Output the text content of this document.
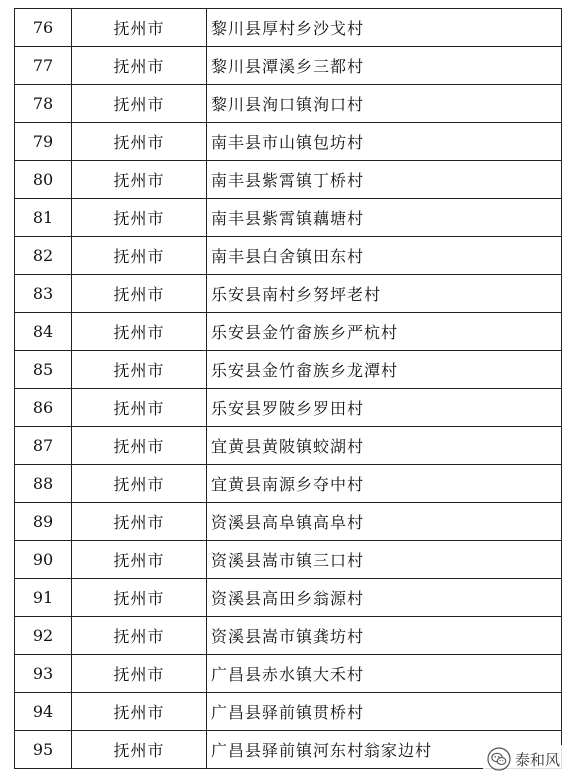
76	抚州市	黎川县厚村乡沙戈村
77	抚州市	黎川县潭溪乡三都村
78	抚州市	黎川县洵口镇洵口村
79	抚州市	南丰县市山镇包坊村
80	抚州市	南丰县紫霄镇丁桥村
81	抚州市	南丰县紫霄镇藕塘村
82	抚州市	南丰县白舍镇田东村
83	抚州市	乐安县南村乡努坪老村
84	抚州市	乐安县金竹畲族乡严杭村
85	抚州市	乐安县金竹畲族乡龙潭村
86	抚州市	乐安县罗陂乡罗田村
87	抚州市	宜黄县黄陂镇蛟湖村
88	抚州市	宜黄县南源乡夺中村
89	抚州市	资溪县高阜镇高阜村
90	抚州市	资溪县嵩市镇三口村
91	抚州市	资溪县高田乡翁源村
92	抚州市	资溪县嵩市镇龚坊村
93	抚州市	广昌县赤水镇大禾村
94	抚州市	广昌县驿前镇贯桥村
95	抚州市	广昌县驿前镇河东村翁家边村	泰和风
